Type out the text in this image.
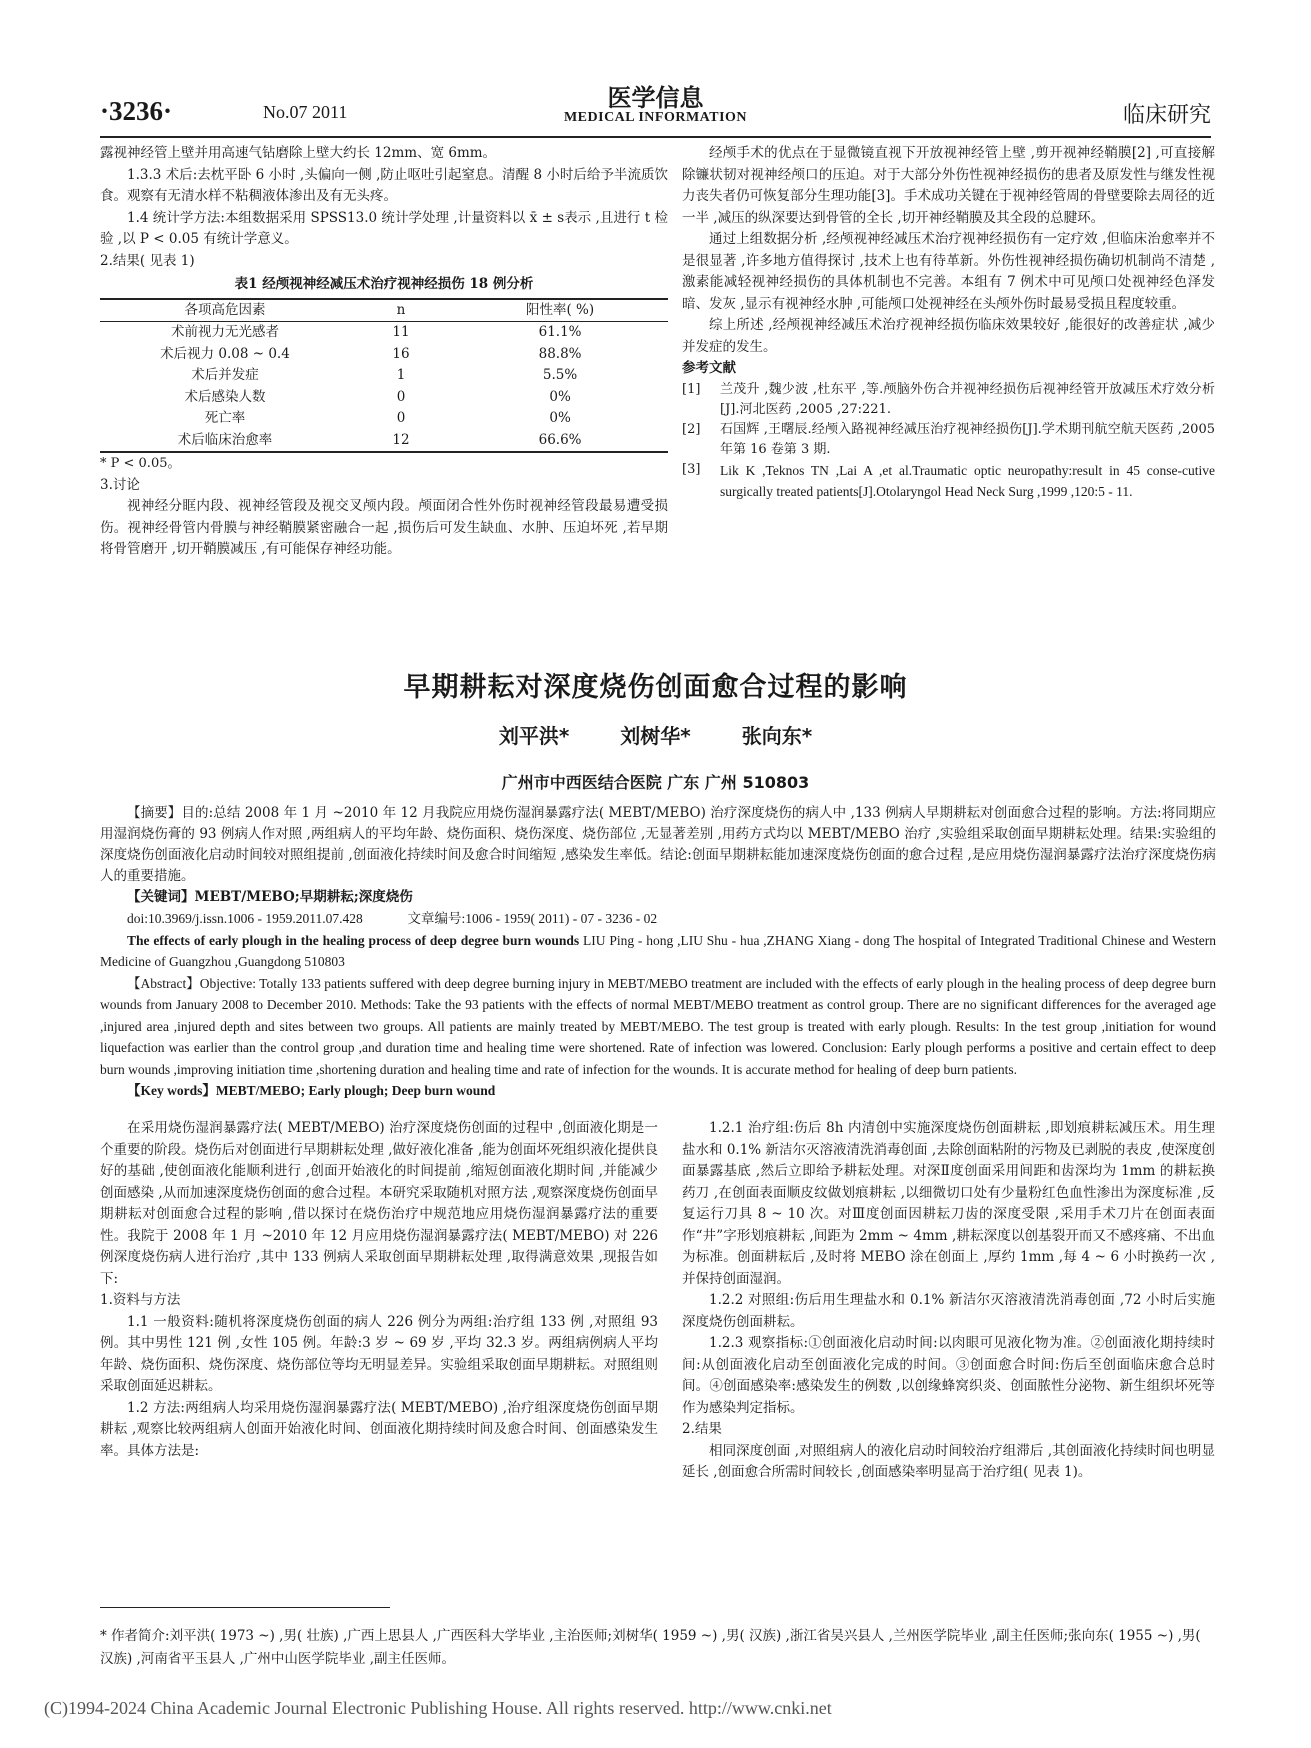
·3236·	No.07 2011	医学信息
MEDICAL INFORMATION	临床研究

露视神经管上壁并用高速气钻磨除上壁大约长 12mm、宽 6mm。

1.3.3 术后:去枕平卧 6 小时 ,头偏向一侧 ,防止呕吐引起窒息。清醒 8 小时后给予半流质饮食。观察有无清水样不粘稠液体渗出及有无头疼。

1.4 统计学方法:本组数据采用 SPSS13.0 统计学处理 ,计量资料以 x̄ ± s表示 ,且进行 t 检验 ,以 P < 0.05 有统计学意义。

2.结果( 见表 1)

表1 经颅视神经减压术治疗视神经损伤 18 例分析
各项高危因素	n	阳性率( %)
术前视力无光感者	11	61.1%
术后视力 0.08 ~ 0.4	16	88.8%
术后并发症	1	5.5%
术后感染人数	0	0%
死亡率	0	0%
术后临床治愈率	12	66.6%

* P < 0.05。

3.讨论

视神经分眶内段、视神经管段及视交叉颅内段。颅面闭合性外伤时视神经管段最易遭受损伤。视神经骨管内骨膜与神经鞘膜紧密融合一起 ,损伤后可发生缺血、水肿、压迫坏死 ,若早期将骨管磨开 ,切开鞘膜减压 ,有可能保存神经功能。

经颅手术的优点在于显微镜直视下开放视神经管上壁 ,剪开视神经鞘膜[2] ,可直接解除镰状韧对视神经颅口的压迫。对于大部分外伤性视神经损伤的患者及原发性与继发性视力丧失者仍可恢复部分生理功能[3]。手术成功关键在于视神经管周的骨壁要除去周径的近一半 ,减压的纵深要达到骨管的全长 ,切开神经鞘膜及其全段的总腱环。

通过上组数据分析 ,经颅视神经减压术治疗视神经损伤有一定疗效 ,但临床治愈率并不是很显著 ,许多地方值得探讨 ,技术上也有待革新。外伤性视神经损伤确切机制尚不清楚 ,激素能减轻视神经损伤的具体机制也不完善。本组有 7 例术中可见颅口处视神经色泽发暗、发灰 ,显示有视神经水肿 ,可能颅口处视神经在头颅外伤时最易受损且程度较重。

综上所述 ,经颅视神经减压术治疗视神经损伤临床效果较好 ,能很好的改善症状 ,减少并发症的发生。

参考文献

[1]	兰茂升 ,魏少波 ,杜东平 ,等.颅脑外伤合并视神经损伤后视神经管开放减压术疗效分析[J].河北医药 ,2005 ,27:221.
[2]	石国辉 ,王曙辰.经颅入路视神经减压治疗视神经损伤[J].学术期刊航空航天医药 ,2005 年第 16 卷第 3 期.
[3]	Lik K ,Teknos TN ,Lai A ,et al.Traumatic optic neuropathy:result in 45 conse-cutive surgically treated patients[J].Otolaryngol Head Neck Surg ,1999 ,120:5 - 11.
早期耕耘对深度烧伤创面愈合过程的影响
刘平洪*	刘树华*	张向东*
广州市中西医结合医院 广东 广州 510803

【摘要】目的:总结 2008 年 1 月 ~2010 年 12 月我院应用烧伤湿润暴露疗法( MEBT/MEBO) 治疗深度烧伤的病人中 ,133 例病人早期耕耘对创面愈合过程的影响。方法:将同期应用湿润烧伤膏的 93 例病人作对照 ,两组病人的平均年龄、烧伤面积、烧伤深度、烧伤部位 ,无显著差别 ,用药方式均以 MEBT/MEBO 治疗 ,实验组采取创面早期耕耘处理。结果:实验组的深度烧伤创面液化启动时间较对照组提前 ,创面液化持续时间及愈合时间缩短 ,感染发生率低。结论:创面早期耕耘能加速深度烧伤创面的愈合过程 ,是应用烧伤湿润暴露疗法治疗深度烧伤病人的重要措施。

【关键词】MEBT/MEBO;早期耕耘;深度烧伤

doi:10.3969/j.issn.1006 - 1959.2011.07.428	文章编号:1006 - 1959( 2011) - 07 - 3236 - 02

The effects of early plough in the healing process of deep degree burn wounds LIU Ping - hong ,LIU Shu - hua ,ZHANG Xiang - dong The hospital of Integrated Traditional Chinese and Western Medicine of Guangzhou ,Guangdong 510803

【Abstract】Objective: Totally 133 patients suffered with deep degree burning injury in MEBT/MEBO treatment are included with the effects of early plough in the healing process of deep degree burn wounds from January 2008 to December 2010. Methods: Take the 93 patients with the effects of normal MEBT/MEBO treatment as control group. There are no significant differences for the averaged age ,injured area ,injured depth and sites between two groups. All patients are mainly treated by MEBT/MEBO. The test group is treated with early plough. Results: In the test group ,initiation for wound liquefaction was earlier than the control group ,and duration time and healing time were shortened. Rate of infection was lowered. Conclusion: Early plough performs a positive and certain effect to deep burn wounds ,improving initiation time ,shortening duration and healing time and rate of infection for the wounds. It is accurate method for healing of deep burn patients.

【Key words】MEBT/MEBO; Early plough; Deep burn wound

在采用烧伤湿润暴露疗法( MEBT/MEBO) 治疗深度烧伤创面的过程中 ,创面液化期是一个重要的阶段。烧伤后对创面进行早期耕耘处理 ,做好液化准备 ,能为创面坏死组织液化提供良好的基础 ,使创面液化能顺利进行 ,创面开始液化的时间提前 ,缩短创面液化期时间 ,并能减少创面感染 ,从而加速深度烧伤创面的愈合过程。本研究采取随机对照方法 ,观察深度烧伤创面早期耕耘对创面愈合过程的影响 ,借以探讨在烧伤治疗中规范地应用烧伤湿润暴露疗法的重要性。我院于 2008 年 1 月 ~2010 年 12 月应用烧伤湿润暴露疗法( MEBT/MEBO) 对 226 例深度烧伤病人进行治疗 ,其中 133 例病人采取创面早期耕耘处理 ,取得满意效果 ,现报告如下:

1.资料与方法

1.1 一般资料:随机将深度烧伤创面的病人 226 例分为两组:治疗组 133 例 ,对照组 93 例。其中男性 121 例 ,女性 105 例。年龄:3 岁 ~ 69 岁 ,平均 32.3 岁。两组病例病人平均年龄、烧伤面积、烧伤深度、烧伤部位等均无明显差异。实验组采取创面早期耕耘。对照组则采取创面延迟耕耘。

1.2 方法:两组病人均采用烧伤湿润暴露疗法( MEBT/MEBO) ,治疗组深度烧伤创面早期耕耘 ,观察比较两组病人创面开始液化时间、创面液化期持续时间及愈合时间、创面感染发生率。具体方法是:

1.2.1 治疗组:伤后 8h 内清创中实施深度烧伤创面耕耘 ,即划痕耕耘减压术。用生理盐水和 0.1% 新洁尔灭溶液清洗消毒创面 ,去除创面粘附的污物及已剥脱的表皮 ,使深度创面暴露基底 ,然后立即给予耕耘处理。对深Ⅱ度创面采用间距和齿深均为 1mm 的耕耘换药刀 ,在创面表面顺皮纹做划痕耕耘 ,以细微切口处有少量粉红色血性渗出为深度标准 ,反复运行刀具 8 ~ 10 次。对Ⅲ度创面因耕耘刀齿的深度受限 ,采用手术刀片在创面表面作“井”字形划痕耕耘 ,间距为 2mm ~ 4mm ,耕耘深度以创基裂开而又不感疼痛、不出血为标准。创面耕耘后 ,及时将 MEBO 涂在创面上 ,厚约 1mm ,每 4 ~ 6 小时换药一次 ,并保持创面湿润。

1.2.2 对照组:伤后用生理盐水和 0.1% 新洁尔灭溶液清洗消毒创面 ,72 小时后实施深度烧伤创面耕耘。

1.2.3 观察指标:①创面液化启动时间:以肉眼可见液化物为准。②创面液化期持续时间:从创面液化启动至创面液化完成的时间。③创面愈合时间:伤后至创面临床愈合总时间。④创面感染率:感染发生的例数 ,以创缘蜂窝织炎、创面脓性分泌物、新生组织坏死等作为感染判定指标。

2.结果

相同深度创面 ,对照组病人的液化启动时间较治疗组滞后 ,其创面液化持续时间也明显延长 ,创面愈合所需时间较长 ,创面感染率明显高于治疗组( 见表 1)。

* 作者简介:刘平洪( 1973 ~) ,男( 壮族) ,广西上思县人 ,广西医科大学毕业 ,主治医师;刘树华( 1959 ~) ,男( 汉族) ,浙江省吴兴县人 ,兰州医学院毕业 ,副主任医师;张向东( 1955 ~) ,男( 汉族) ,河南省平玉县人 ,广州中山医学院毕业 ,副主任医师。
(C)1994-2024 China Academic Journal Electronic Publishing House. All rights reserved. http://www.cnki.net
